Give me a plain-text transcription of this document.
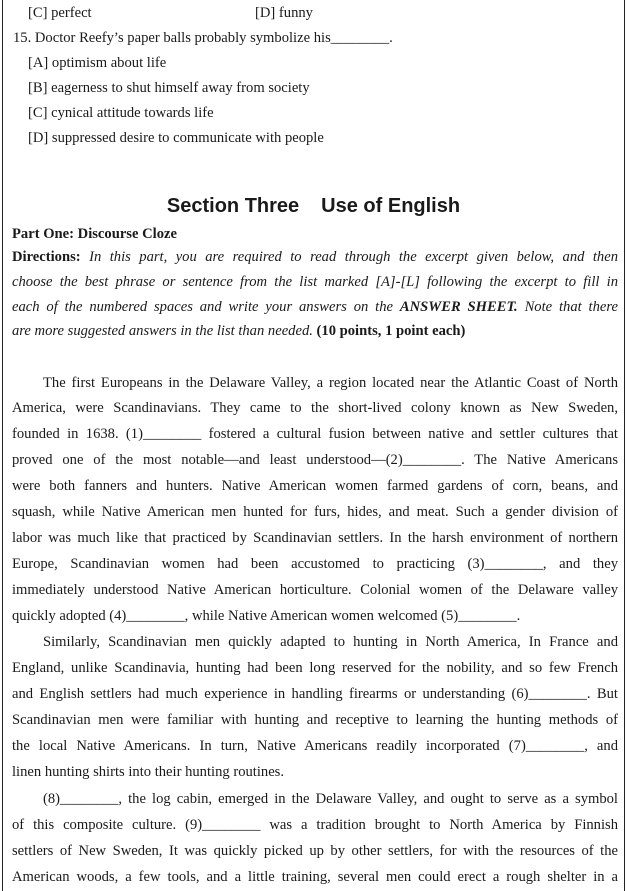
[C] perfect	[D] funny
15. Doctor Reefy’s paper balls probably symbolize his________.
[A] optimism about life
[B] eagerness to shut himself away from society
[C] cynical attitude towards life
[D] suppressed desire to communicate with people
Section Three Use of English
Part One: Discourse Cloze
Directions: In this part, you are required to read through the excerpt given below, and then
choose the best phrase or sentence from the list marked [A]-[L] following the excerpt to fill in
each of the numbered spaces and write your answers on the ANSWER SHEET. Note that there
are more suggested answers in the list than needed. (10 points, 1 point each)
The first Europeans in the Delaware Valley, a region located near the Atlantic Coast of North
America, were Scandinavians. They came to the short-lived colony known as New Sweden,
founded in 1638. (1)________ fostered a cultural fusion between native and settler cultures that
proved one of the most notable—and least understood—(2)________. The Native Americans
were both fanners and hunters. Native American women farmed gardens of corn, beans, and
squash, while Native American men hunted for furs, hides, and meat. Such a gender division of
labor was much like that practiced by Scandinavian settlers. In the harsh environment of northern
Europe, Scandinavian women had been accustomed to practicing (3)________, and they
immediately understood Native American horticulture. Colonial women of the Delaware valley
quickly adopted (4)________, while Native American women welcomed (5)________.
Similarly, Scandinavian men quickly adapted to hunting in North America, In France and
England, unlike Scandinavia, hunting had been long reserved for the nobility, and so few French
and English settlers had much experience in handling firearms or understanding (6)________. But
Scandinavian men were familiar with hunting and receptive to learning the hunting methods of
the local Native Americans. In turn, Native Americans readily incorporated (7)________, and
linen hunting shirts into their hunting routines.
(8)________, the log cabin, emerged in the Delaware Valley, and ought to serve as a symbol
of this composite culture. (9)________ was a tradition brought to North America by Finnish
settlers of New Sweden, It was quickly picked up by other settlers, for with the resources of the
American woods, a few tools, and a little training, several men could erect a rough shelter in a
